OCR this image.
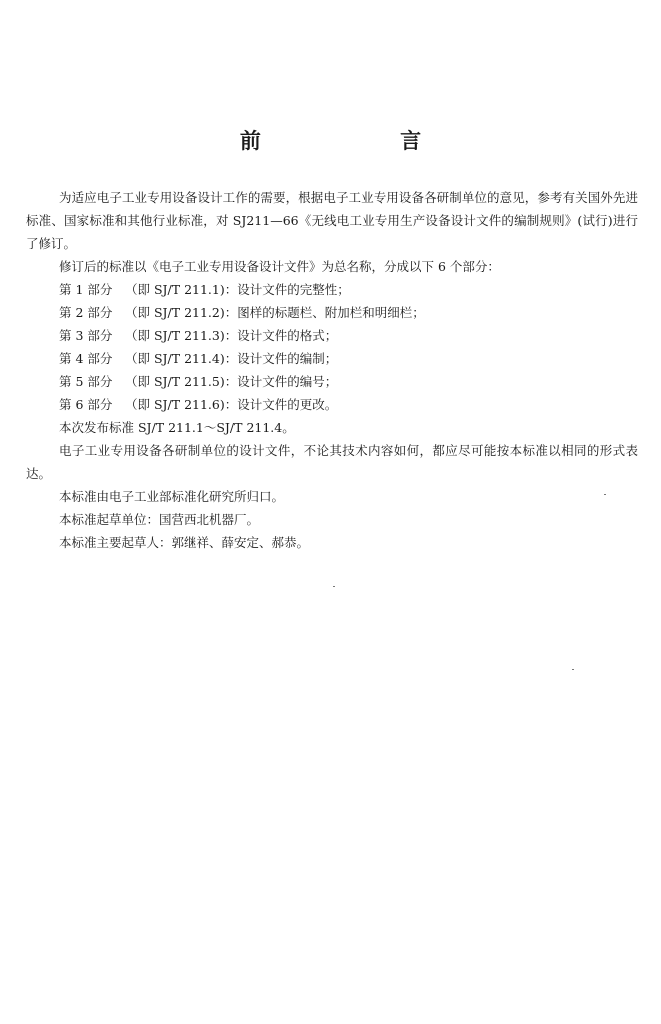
前 言

为适应电子工业专用设备设计工作的需要，根据电子工业专用设备各研制单位的意见，参考有关国外先进标准、国家标准和其他行业标准，对 SJ211—66《无线电工业专用生产设备设计文件的编制规则》(试行)进行了修订。

修订后的标准以《电子工业专用设备设计文件》为总名称，分成以下 6 个部分：

第 1 部分 （即 SJ/T 211.1)：设计文件的完整性；

第 2 部分 （即 SJ/T 211.2)：图样的标题栏、附加栏和明细栏；

第 3 部分 （即 SJ/T 211.3)：设计文件的格式；

第 4 部分 （即 SJ/T 211.4)：设计文件的编制；

第 5 部分 （即 SJ/T 211.5)：设计文件的编号；

第 6 部分 （即 SJ/T 211.6)：设计文件的更改。

本次发布标准 SJ/T 211.1～SJ/T 211.4。

电子工业专用设备各研制单位的设计文件，不论其技术内容如何，都应尽可能按本标准以相同的形式表达。

本标准由电子工业部标准化研究所归口。

本标准起草单位：国营西北机器厂。

本标准主要起草人：郭继祥、薛安定、郝恭。
